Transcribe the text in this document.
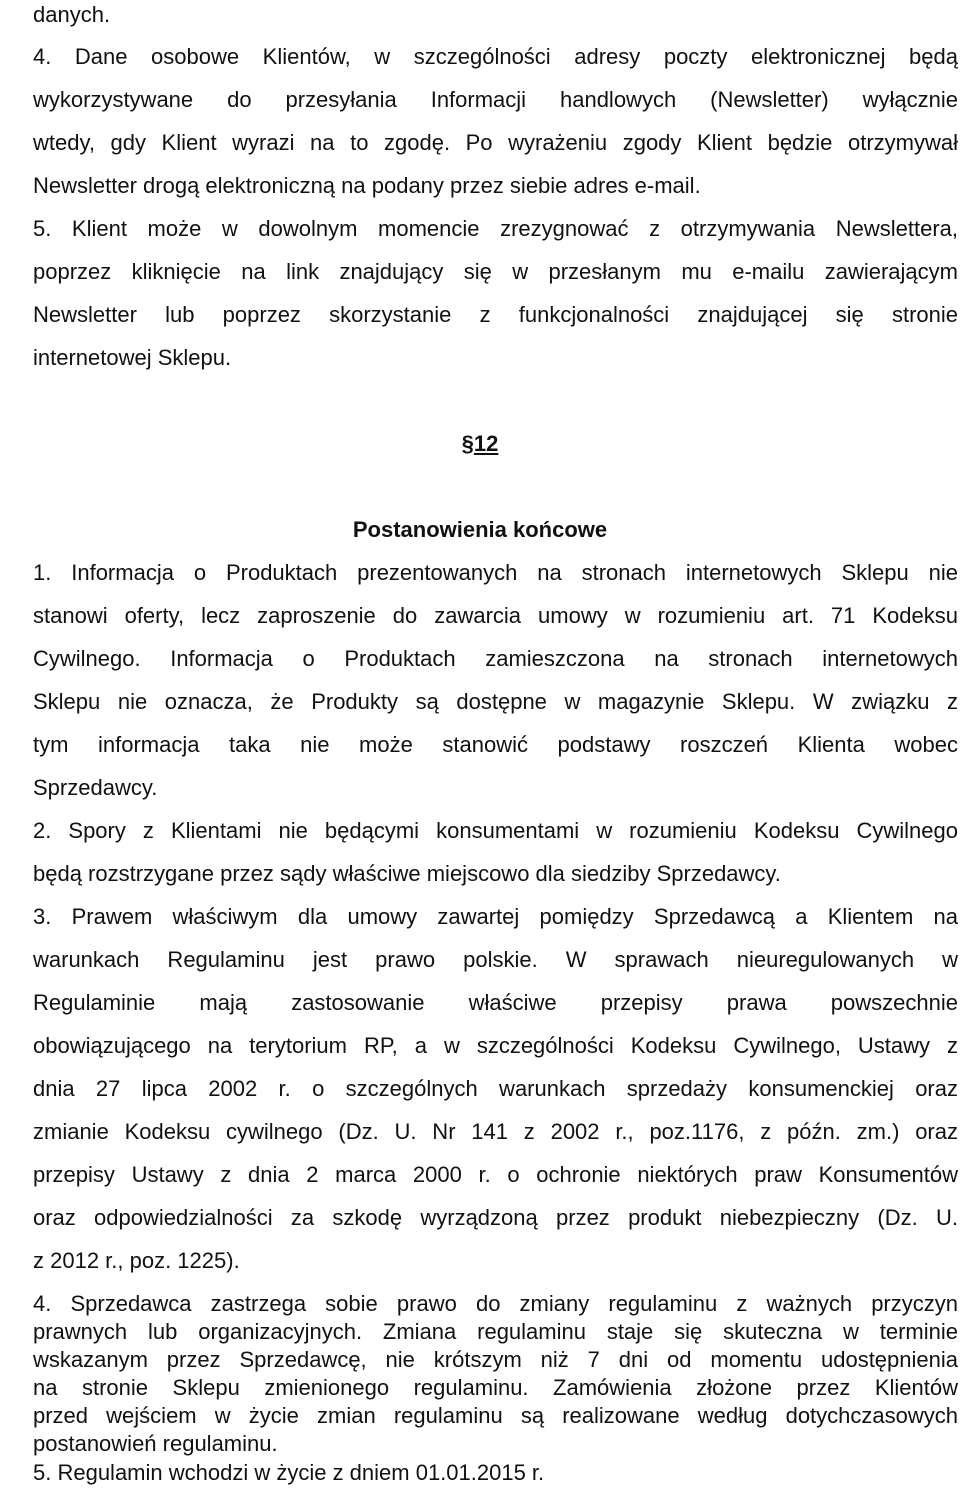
danych.
4. Dane osobowe Klientów, w szczególności adresy poczty elektronicznej będą
wykorzystywane do przesyłania Informacji handlowych (Newsletter) wyłącznie
wtedy, gdy Klient wyrazi na to zgodę. Po wyrażeniu zgody Klient będzie otrzymywał
Newsletter drogą elektroniczną na podany przez siebie adres e-mail.
5. Klient może w dowolnym momencie zrezygnować z otrzymywania Newslettera,
poprzez kliknięcie na link znajdujący się w przesłanym mu e-mailu zawierającym
Newsletter lub poprzez skorzystanie z funkcjonalności znajdującej się stronie
internetowej Sklepu.
§12
Postanowienia końcowe
1. Informacja o Produktach prezentowanych na stronach internetowych Sklepu nie
stanowi oferty, lecz zaproszenie do zawarcia umowy w rozumieniu art. 71 Kodeksu
Cywilnego. Informacja o Produktach zamieszczona na stronach internetowych
Sklepu nie oznacza, że Produkty są dostępne w magazynie Sklepu. W związku z
tym informacja taka nie może stanowić podstawy roszczeń Klienta wobec
Sprzedawcy.
2. Spory z Klientami nie będącymi konsumentami w rozumieniu Kodeksu Cywilnego
będą rozstrzygane przez sądy właściwe miejscowo dla siedziby Sprzedawcy.
3. Prawem właściwym dla umowy zawartej pomiędzy Sprzedawcą a Klientem na
warunkach Regulaminu jest prawo polskie. W sprawach nieuregulowanych w
Regulaminie mają zastosowanie właściwe przepisy prawa powszechnie
obowiązującego na terytorium RP, a w szczególności Kodeksu Cywilnego, Ustawy z
dnia 27 lipca 2002 r. o szczególnych warunkach sprzedaży konsumenckiej oraz
zmianie Kodeksu cywilnego (Dz. U. Nr 141 z 2002 r., poz.1176, z późn. zm.) oraz
przepisy Ustawy z dnia 2 marca 2000 r. o ochronie niektórych praw Konsumentów
oraz odpowiedzialności za szkodę wyrządzoną przez produkt niebezpieczny (Dz. U.
z 2012 r., poz. 1225).
4. Sprzedawca zastrzega sobie prawo do zmiany regulaminu z ważnych przyczyn
prawnych lub organizacyjnych. Zmiana regulaminu staje się skuteczna w terminie
wskazanym przez Sprzedawcę, nie krótszym niż 7 dni od momentu udostępnienia
na stronie Sklepu zmienionego regulaminu. Zamówienia złożone przez Klientów
przed wejściem w życie zmian regulaminu są realizowane według dotychczasowych
postanowień regulaminu.
5. Regulamin wchodzi w życie z dniem 01.01.2015 r.
